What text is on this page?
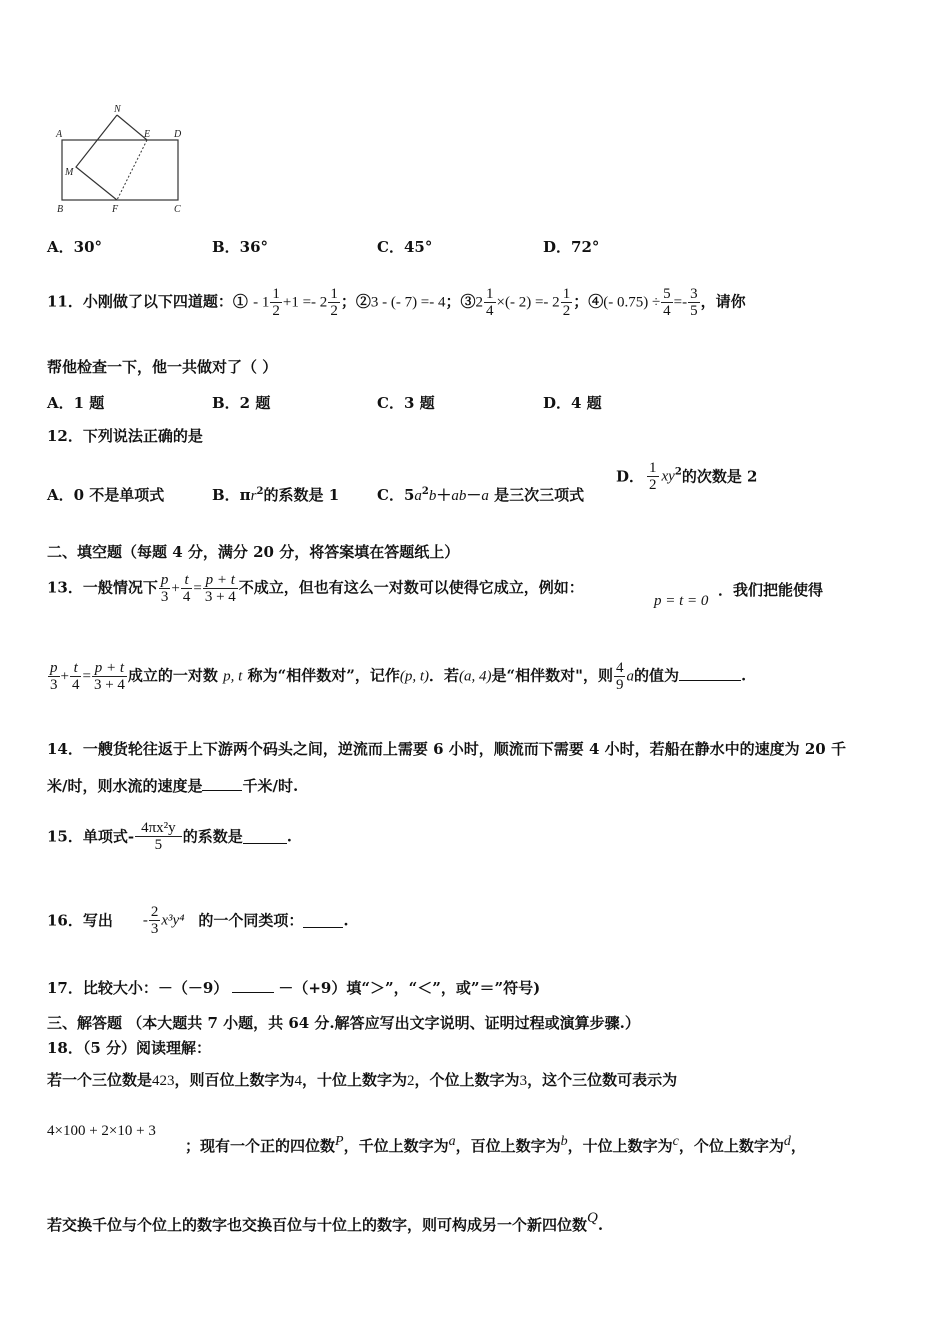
A
N
E D
M
B	F	C
A．30°	B．36°	C．45°	D．72°
11．小刚做了以下四道题：① - $1 \frac{1}{2} +1 =- 2 \frac{1}{2}$ ；②3 - (- 7) =- 4；③2 $\frac{1}{4}$ ×(- $2) =- 2 \frac{1}{2}$ ；④(- $0.75) \div \frac{5}{4} =- \frac{3}{5}$ ，请你
帮他检查一下，他一共做对了（ ）
A．1 题	B．2 题	C．3 题	D．4 题
12．下列说法正确的是
A．0 不是单项式	B．$\pi r^2$的系数是 1	C．$5a^2b+ab-a$ 是三次三项式
D． $\frac{1}{2} xy^2$的次数是 2
二、填空题（每题 4 分，满分 20 分，将答案填在答题纸上）
13．一般情况下 $\frac{p}{3} + \frac{t}{4} = \frac{p + t}{3 + 4}$ 不成立，但也有这么一对数可以使得它成立，例如：
p = t = 0
．我们把能使得
$\frac{p}{3} + \frac{t}{4} = \frac{p + t}{3 + 4}$ 成立的一对数 p, t 称为“相伴数对”，记作(p, t)．若(a, 4)是“相伴数对"，则 $\frac{4}{9}$ a的值为	.
14．一艘货轮往返于上下游两个码头之间，逆流而上需要 6 小时，顺流而下需要 4 小时，若船在静水中的速度为 20 千
米/时，则水流的速度是	千米/时.
15．单项式- $\frac{\text{4πx²y}}{5}$ 的系数是	.
16．写出 - $\frac{2}{3} x^3y^4$ 的一个同类项：	.
17．比较大小：－（－9）	－（+9）填“＞”，“＜”，或”＝”符号)
三、解答题 （本大题共 7 小题，共 64 分.解答应写出文字说明、证明过程或演算步骤.）
18．（5 分）阅读理解：
若一个三位数是423，则百位上数字为4，十位上数字为2，个位上数字为3，这个三位数可表示为
4×100 + 2×10 + 3
；现有一个正的四位数$^P$，千位上数字为$^a$，百位上数字为$^b$，十位上数字为$^c$，个位上数字为$^d$，
若交换千位与个位上的数字也交换百位与十位上的数字，则可构成另一个新四位数$^Q$.
